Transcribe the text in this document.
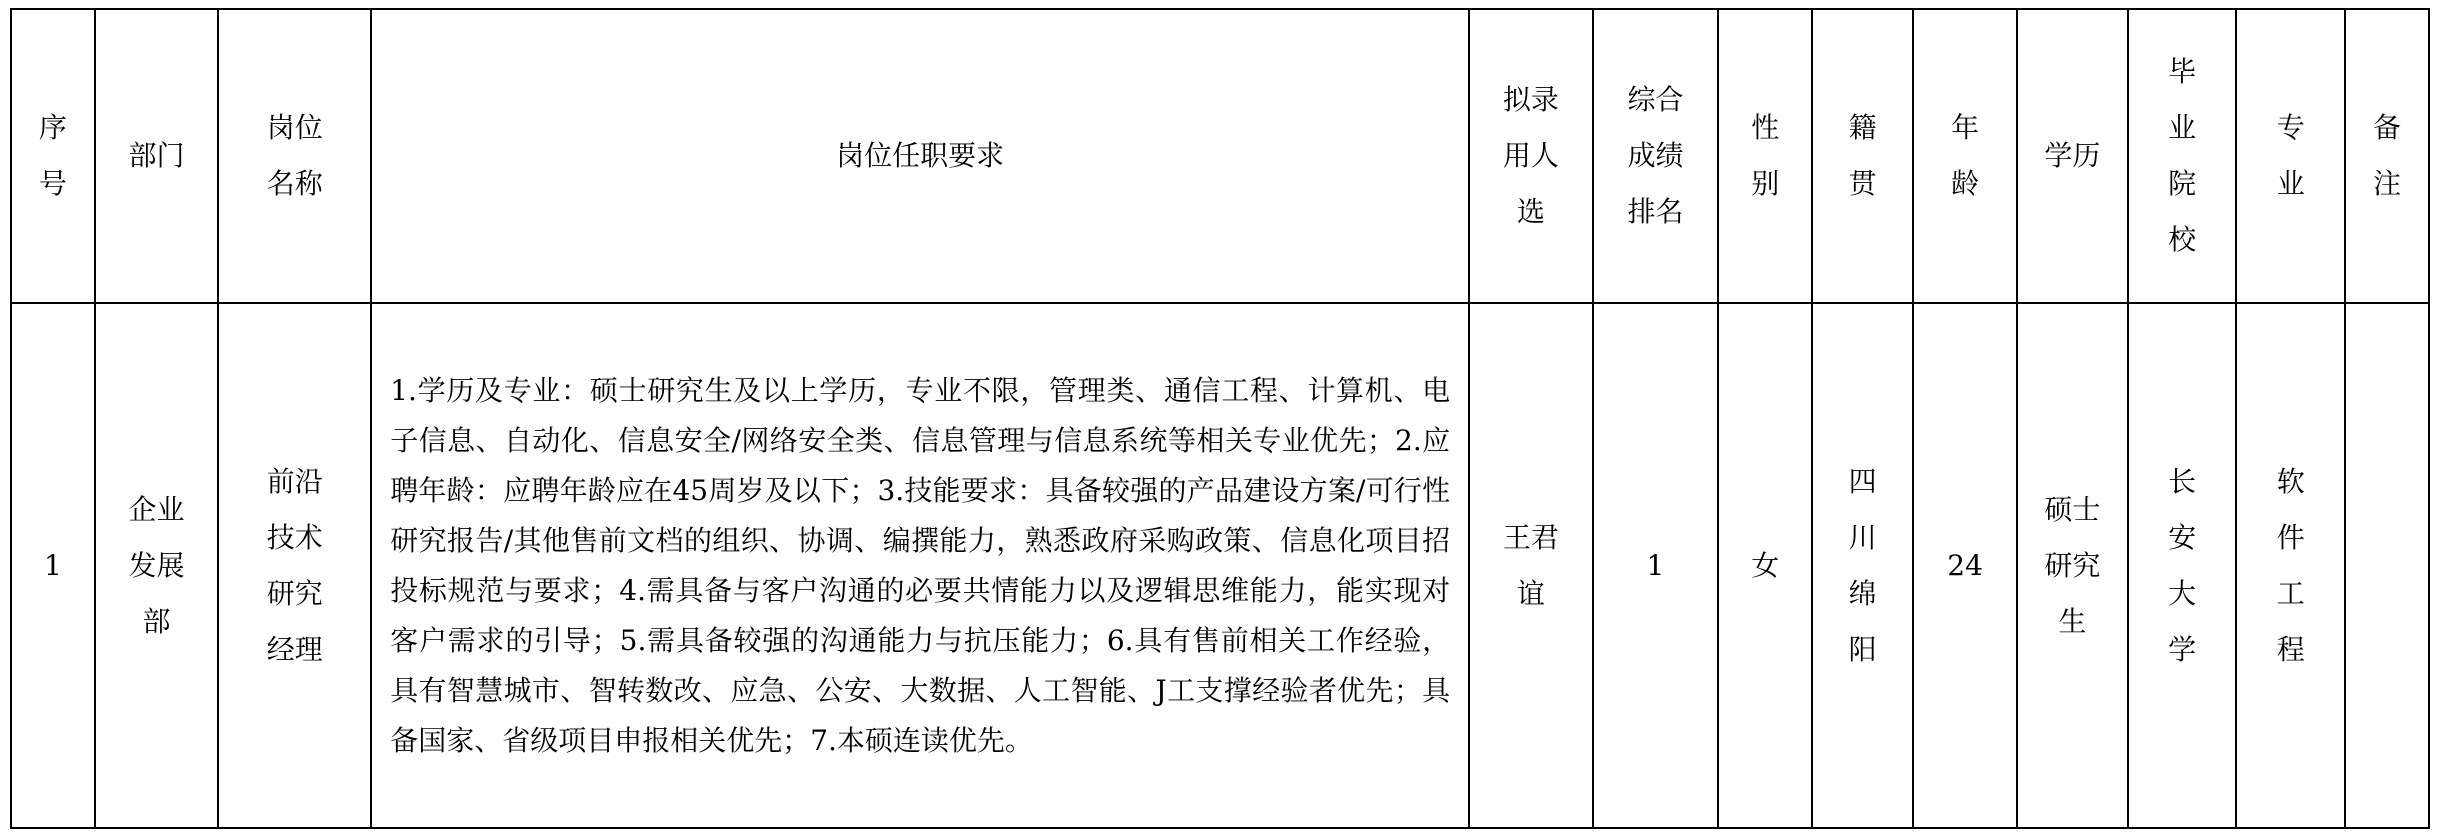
序号	部门	岗位名称	岗位任职要求	拟录用人选	综合成绩排名	性别	籍贯	年龄	学历	毕业院校	专业	备注
1	企业发展部	前沿技术研究经理	1.学历及专业：硕士研究生及以上学历，专业不限，管理类、通信工程、计算机、电子信息、自动化、信息安全/网络安全类、信息管理与信息系统等相关专业优先；2.应聘年龄：应聘年龄应在45周岁及以下；3.技能要求：具备较强的产品建设方案/可行性研究报告/其他售前文档的组织、协调、编撰能力，熟悉政府采购政策、信息化项目招投标规范与要求；4.需具备与客户沟通的必要共情能力以及逻辑思维能力，能实现对客户需求的引导；5.需具备较强的沟通能力与抗压能力；6.具有售前相关工作经验，具有智慧城市、智转数改、应急、公安、大数据、人工智能、J工支撑经验者优先；具备国家、省级项目申报相关优先；7.本硕连读优先。	王君谊	1	女	四川绵阳	24	硕士研究生	长安大学	软件工程	
